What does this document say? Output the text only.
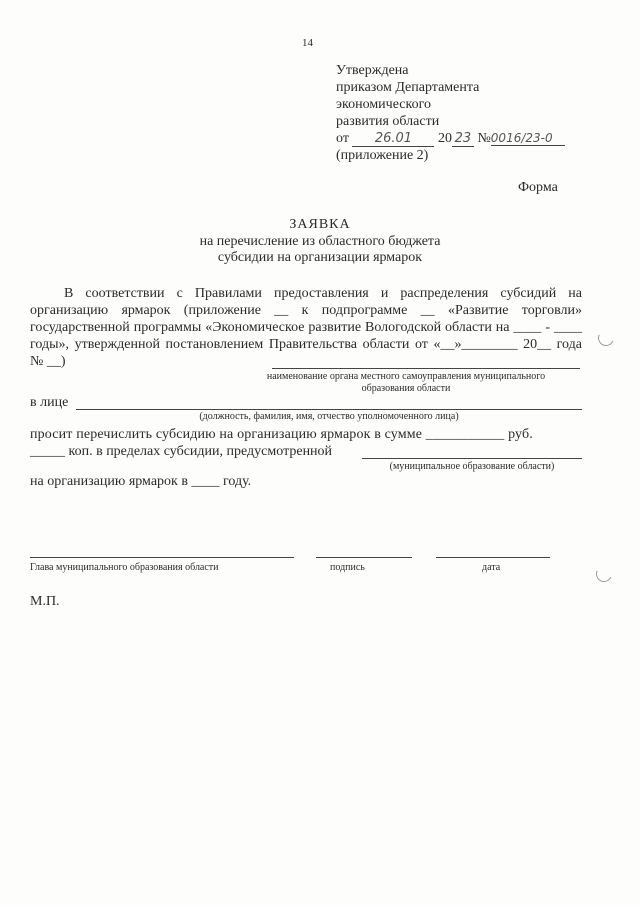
14
Утверждена
приказом Департамента
экономического
развития области
от 26.01 20 23 №0016/23-0
(приложение 2)
Форма
ЗАЯВКА
на перечисление из областного бюджета
субсидии на организации ярмарок
В соответствии с Правилами предоставления и распределения субсидий на организацию ярмарок (приложение __ к подпрограмме __ «Развитие торговли» государственной программы «Экономическое развитие Вологодской области на ____ - ____ годы», утвержденной постановлением Правительства области от «__»________ 20__ года № __)
наименование органа местного самоуправления муниципального
образования области
в лице
(должность, фамилия, имя, отчество уполномоченного лица)
просит перечислить субсидию на организацию ярмарок в сумме ___________ руб.
_____ коп. в пределах субсидии, предусмотренной
(муниципальное образование области)
на организацию ярмарок в ____ году.
Глава муниципального образования области	подпись	дата
М.П.
